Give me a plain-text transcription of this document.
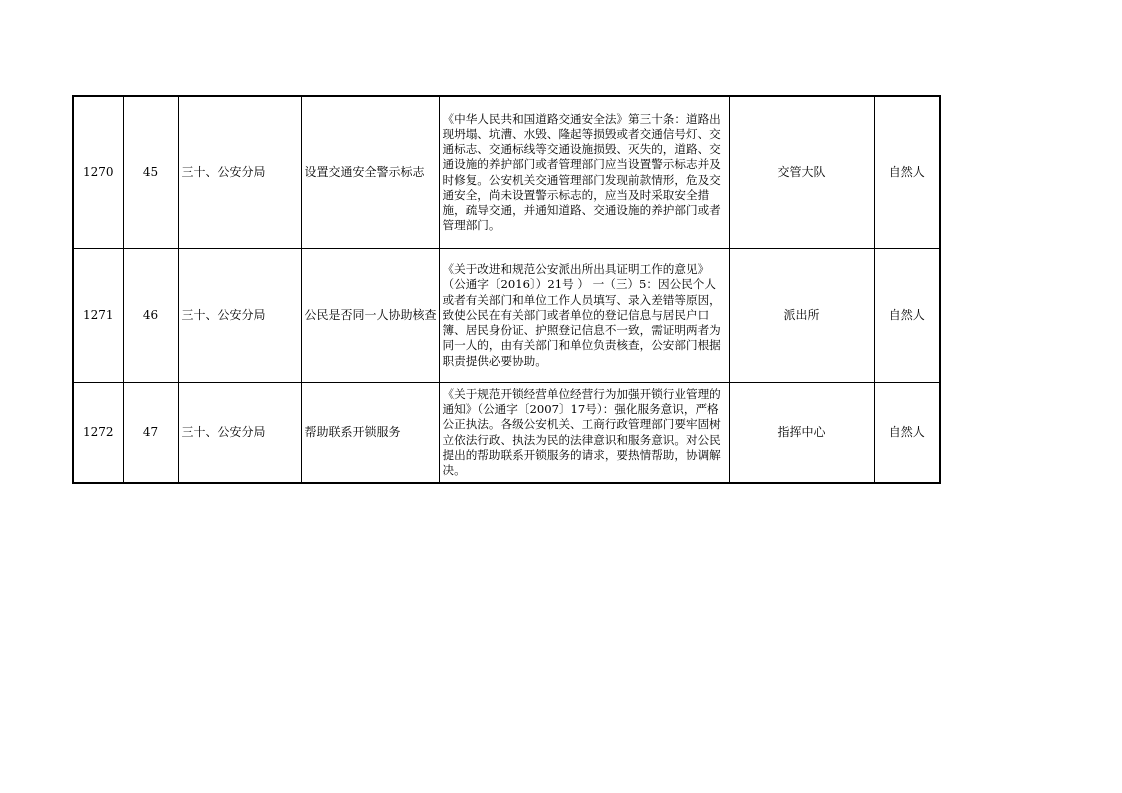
1270	45	三十、公安分局	设置交通安全警示标志	《中华人民共和国道路交通安全法》第三十条：道路出现坍塌、坑漕、水毁、隆起等损毁或者交通信号灯、交通标志、交通标线等交通设施损毁、灭失的，道路、交通设施的养护部门或者管理部门应当设置警示标志并及时修复。公安机关交通管理部门发现前款情形，危及交通安全，尚未设置警示标志的，应当及时采取安全措施，疏导交通，并通知道路、交通设施的养护部门或者管理部门。	交管大队	自然人
1271	46	三十、公安分局	公民是否同一人协助核查	《关于改进和规范公安派出所出具证明工作的意见》（公通字〔2016〕）21号 ） 一（三）5：因公民个人或者有关部门和单位工作人员填写、录入差错等原因，致使公民在有关部门或者单位的登记信息与居民户口簿、居民身份证、护照登记信息不一致，需证明两者为同一人的，由有关部门和单位负责核查，公安部门根据职责提供必要协助。	派出所	自然人
1272	47	三十、公安分局	帮助联系开锁服务	《关于规范开锁经营单位经营行为加强开锁行业管理的通知》（公通字〔2007〕17号）：强化服务意识，严格公正执法。各级公安机关、工商行政管理部门要牢固树立依法行政、执法为民的法律意识和服务意识。对公民提出的帮助联系开锁服务的请求，要热情帮助，协调解决。	指挥中心	自然人
